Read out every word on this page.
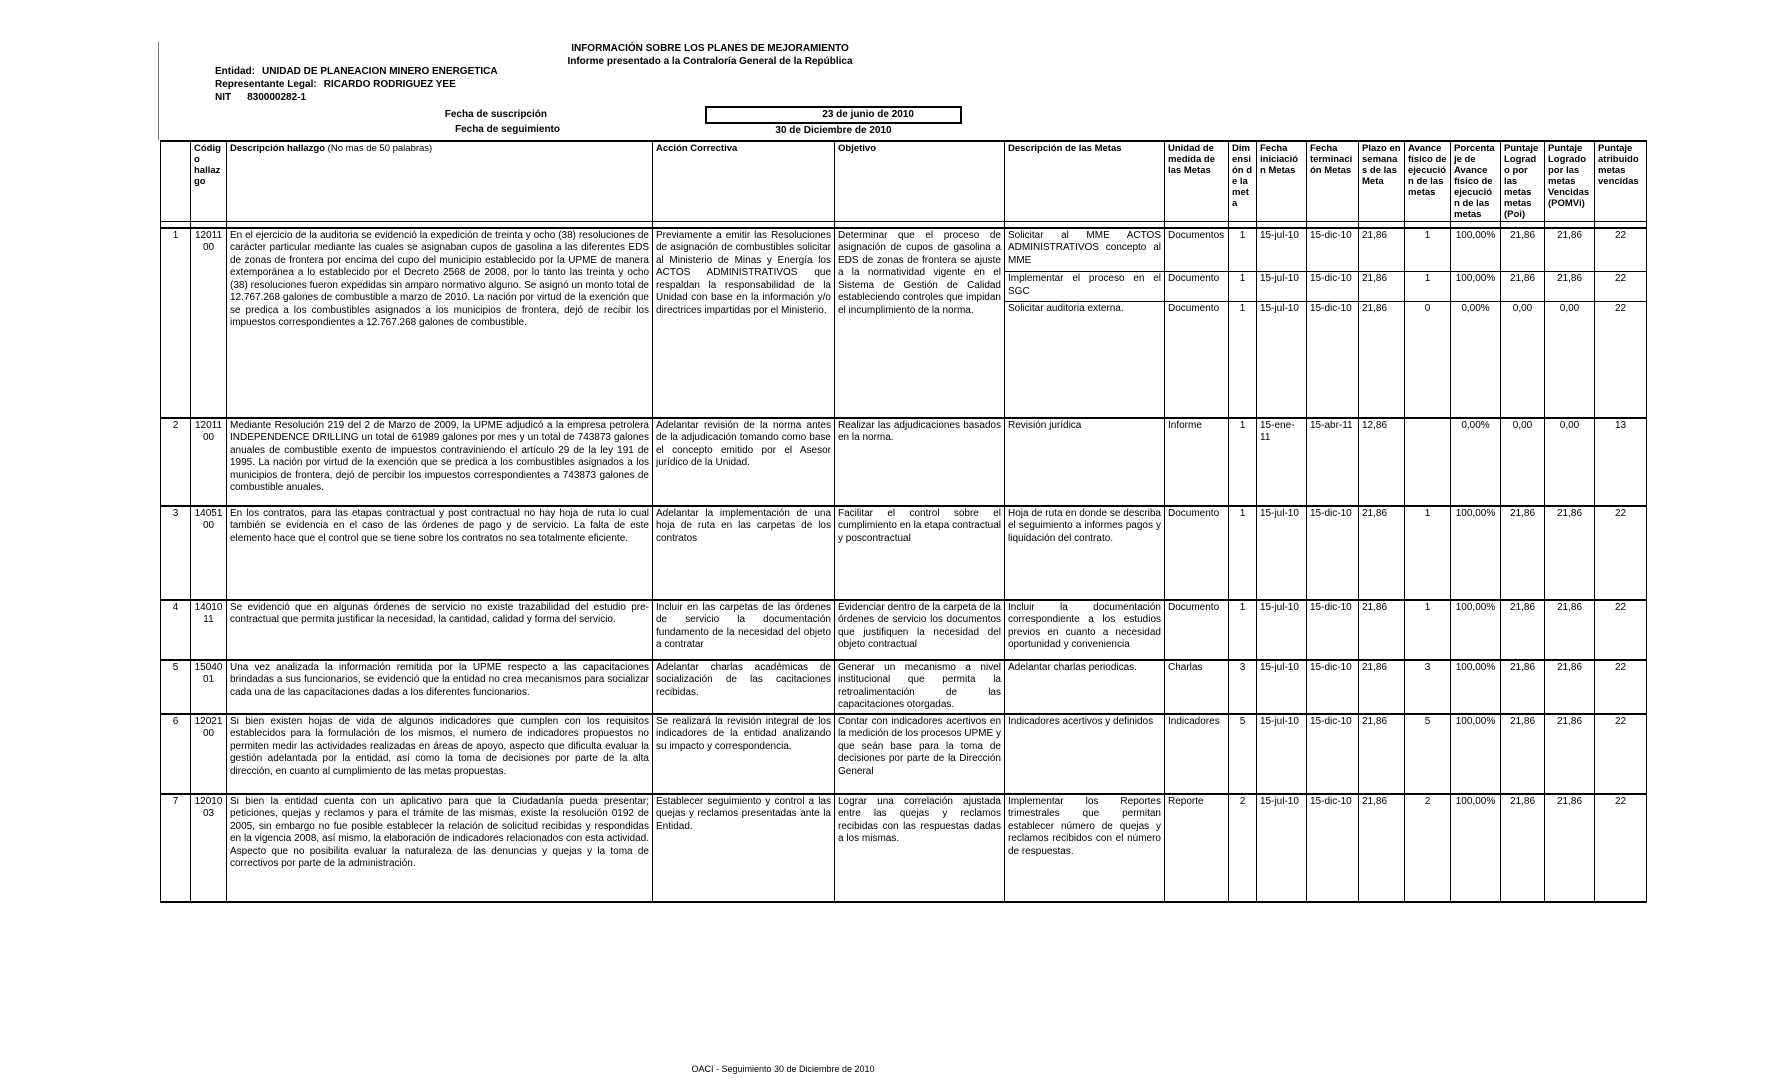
INFORMACIÓN SOBRE LOS PLANES DE MEJORAMIENTO
Informe presentado a la Contraloría General de la República
Entidad: UNIDAD DE PLANEACION MINERO ENERGETICA
Representante Legal: RICARDO RODRIGUEZ YEE
NIT 830000282-1
Fecha de suscripción
Fecha de seguimiento
23 de junio de 2010
30 de Diciembre de 2010
	Código hallazgo	Descripción hallazgo (No mas de 50 palabras)	Acción Correctiva	Objetivo	Descripción de las Metas	Unidad de medida de las Metas	Dimensión de la meta	Fecha iniciación Metas	Fecha terminación Metas	Plazo en semanas de las Meta	Avance físico de ejecución de las metas	Porcentaje de Avance físico de ejecución de las metas	Puntaje Logrado por las metas metas (Poi)	Puntaje Logrado por las metas Vencidas (POMVi)	Puntaje atribuido metas vencidas

1	1201100	En el ejercicio de la auditoria se evidenció la expedición de treinta y ocho (38) resoluciones de carácter particular mediante las cuales se asignaban cupos de gasolina a las diferentes EDS de zonas de frontera por encima del cupo del municipio establecido por la UPME de manera extemporánea a lo establecido por el Decreto 2568 de 2008, por lo tanto las treinta y ocho (38) resoluciones fueron expedidas sin amparo normativo alguno. Se asignó un monto total de 12.767.268 galones de combustible a marzo de 2010. La nación por virtud de la exención que se predica a los combustibles asignados a los municipios de frontera, dejó de recibir los impuestos correspondientes a 12.767.268 galones de combustible.	Previamente a emitir las Resoluciones de asignación de combustibles solicitar al Ministerio de Minas y Energía los ACTOS ADMINISTRATIVOS que respaldan la responsabilidad de la Unidad con base en la información y/o directrices impartidas por el Ministerio.	Determinar que el proceso de asignación de cupos de gasolina a EDS de zonas de frontera se ajuste a la normatividad vigente en el Sistema de Gestión de Calidad estableciendo controles que impidan el incumplimiento de la norma.	Solicitar al MME ACTOS ADMINISTRATIVOS concepto al MME	Documentos	1	15-jul-10	15-dic-10	21,86	1	100,00%	21,86	21,86	22
					Implementar el proceso en el SGC	Documento	1	15-jul-10	15-dic-10	21,86	1	100,00%	21,86	21,86	22
					Solicitar auditoria externa.	Documento	1	15-jul-10	15-dic-10	21,86	0	0,00%	0,00	0,00	22
2	1201100	Mediante Resolución 219 del 2 de Marzo de 2009, la UPME adjudicó a la empresa petrolera INDEPENDENCE DRILLING un total de 61989 galones por mes y un total de 743873 galones anuales de combustible exento de impuestos contraviniendo el artículo 29 de la ley 191 de 1995. La nación por virtud de la exención que se predica a los combustibles asignados a los municipios de frontera, dejó de percibir los impuestos correspondientes a 743873 galones de combustible anuales.	Adelantar revisión de la norma antes de la adjudicación tomando como base el concepto emitido por el Asesor jurídico de la Unidad.	Realizar las adjudicaciones basados en la norma.	Revisión jurídica	Informe	1	15-ene-11	15-abr-11	12,86		0,00%	0,00	0,00	13
3	1405100	En los contratos, para las etapas contractual y post contractual no hay hoja de ruta lo cual también se evidencia en el caso de las órdenes de pago y de servicio. La falta de este elemento hace que el control que se tiene sobre los contratos no sea totalmente eficiente.	Adelantar la implementación de una hoja de ruta en las carpetas de los contratos	Facilitar el control sobre el cumplimiento en la etapa contractual y poscontractual	Hoja de ruta en donde se describa el seguimiento a informes pagos y liquidación del contrato.	Documento	1	15-jul-10	15-dic-10	21,86	1	100,00%	21,86	21,86	22
4	1401011	Se evidenció que en algunas órdenes de servicio no existe trazabilidad del estudio pre-contractual que permita justificar la necesidad, la cantidad, calidad y forma del servicio.	Incluir en las carpetas de las órdenes de servicio la documentación fundamento de la necesidad del objeto a contratar	Evidenciar dentro de la carpeta de la órdenes de servicio los documentos que justifiquen la necesidad del objeto contractual	Incluir la documentación correspondiente a los estudios previos en cuanto a necesidad oportunidad y conveniencia	Documento	1	15-jul-10	15-dic-10	21,86	1	100,00%	21,86	21,86	22
5	1504001	Una vez analizada la información remitida por la UPME respecto a las capacitaciones brindadas a sus funcionarios, se evidenció que la entidad no crea mecanismos para socializar cada una de las capacitaciones dadas a los diferentes funcionarios.	Adelantar charlas académicas de socialización de las cacitaciones recibidas.	Generar un mecanismo a nivel institucional que permita la retroalimentación de las capacitaciones otorgadas.	Adelantar charlas periodicas.	Charlas	3	15-jul-10	15-dic-10	21,86	3	100,00%	21,86	21,86	22
6	1202100	Si bien existen hojas de vida de algunos indicadores que cumplen con los requisitos establecidos para la formulación de los mismos, el numero de indicadores propuestos no permiten medir las actividades realizadas en áreas de apoyo, aspecto que dificulta evaluar la gestión adelantada por la entidad, así como la toma de decisiones por parte de la alta dirección, en cuanto al cumplimiento de las metas propuestas.	Se realizará la revisión integral de los indicadores de la entidad analizando su impacto y correspondencia.	Contar con indicadores acertivos en la medición de los procesos UPME y que seán base para la toma de decisiones por parte de la Dirección General	Indicadores acertivos y definidos	Indicadores	5	15-jul-10	15-dic-10	21,86	5	100,00%	21,86	21,86	22
7	1201003	Si bien la entidad cuenta con un aplicativo para que la Ciudadanía pueda presentar; peticiones, quejas y reclamos y para el trámite de las mismas, existe la resolución 0192 de 2005, sin embargo no fue posible establecer la relación de solicitud recibidas y respondidas en la vigencia 2008, así mismo, la elaboración de indicadores relacionados con esta actividad. Aspecto que no posibilita evaluar la naturaleza de las denuncias y quejas y la toma de correctivos por parte de la administración.	Establecer seguimiento y control a las quejas y reclamos presentadas ante la Entidad.	Lograr una correlación ajustada entre las quejas y reclamos recibidas con las respuestas dadas a los mismas.	Implementar los Reportes trimestrales que permitan establecer número de quejas y reclamos recibidos con el número de respuestas.	Reporte	2	15-jul-10	15-dic-10	21,86	2	100,00%	21,86	21,86	22
OACI - Seguimiento 30 de Diciembre de 2010
